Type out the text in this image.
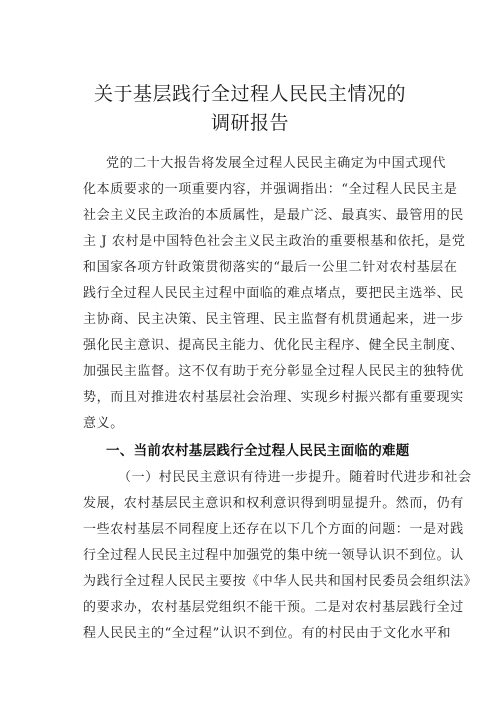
关于基层践行全过程人民民主情况的
调研报告
党的二十大报告将发展全过程人民民主确定为中国式现代
化本质要求的一项重要内容，并强调指出：“全过程人民民主是
社会主义民主政治的本质属性，是最广泛、最真实、最管用的民
主 J 农村是中国特色社会主义民主政治的重要根基和依托，是党
和国家各项方针政策贯彻落实的“最后一公里二针对农村基层在
践行全过程人民民主过程中面临的难点堵点，要把民主选举、民
主协商、民主决策、民主管理、民主监督有机贯通起来，进一步
强化民主意识、提高民主能力、优化民主程序、健全民主制度、
加强民主监督。这不仅有助于充分彰显全过程人民民主的独特优
势，而且对推进农村基层社会治理、实现乡村振兴都有重要现实
意义。
一、当前农村基层践行全过程人民民主面临的难题
（一）村民民主意识有待进一步提升。随着时代进步和社会
发展，农村基层民主意识和权利意识得到明显提升。然而，仍有
一些农村基层不同程度上还存在以下几个方面的问题：一是对践
行全过程人民民主过程中加强党的集中统一领导认识不到位。认
为践行全过程人民民主要按《中华人民共和国村民委员会组织法》
的要求办，农村基层党组织不能干预。二是对农村基层践行全过
程人民民主的“全过程”认识不到位。有的村民由于文化水平和
